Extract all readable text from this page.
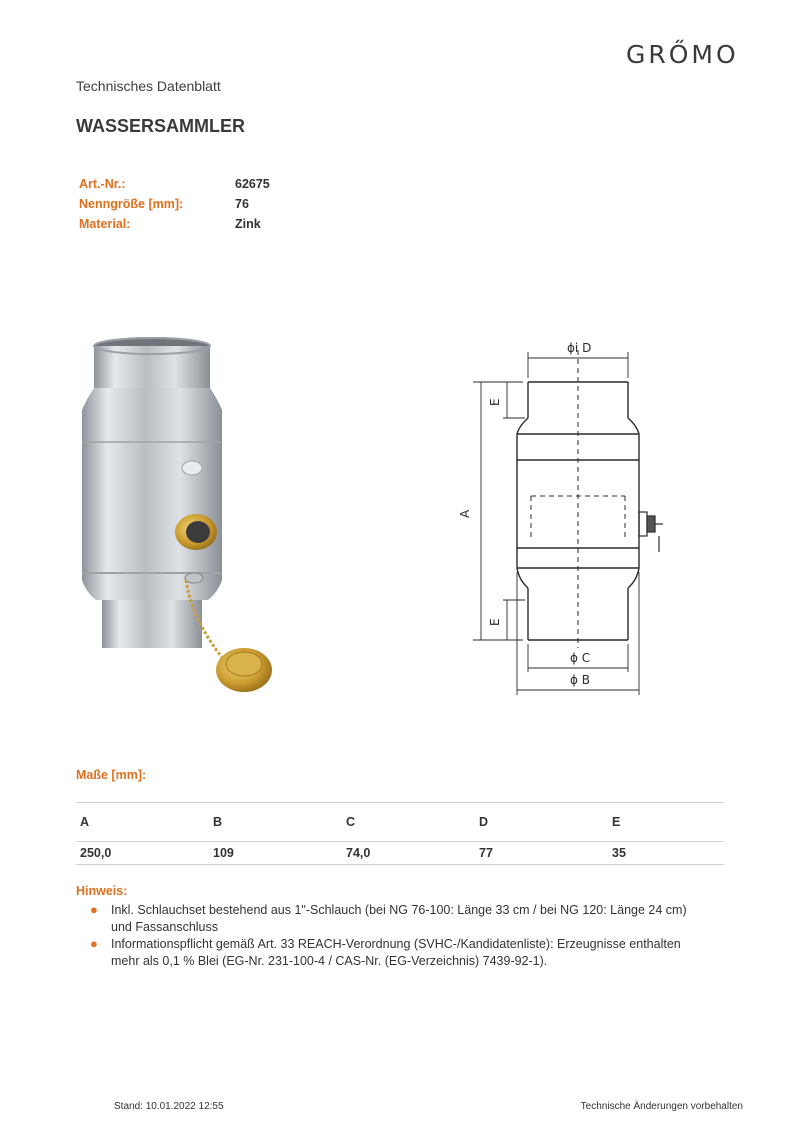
GRŐMO
Technisches Datenblatt
WASSERSAMMLER
Art.-Nr.:	62675
Nenngröße [mm]:	76
Material:	Zink
ϕi D
A
E
E
ϕ C
ϕ B
Maße [mm]:
A	B	C	D	E
250,0	109	74,0	77	35
Hinweis:
● Inkl. Schlauchset bestehend aus 1"-Schlauch (bei NG 76-100: Länge 33 cm / bei NG 120: Länge 24 cm) und Fassanschluss
● Informationspflicht gemäß Art. 33 REACH-Verordnung (SVHC-/Kandidatenliste): Erzeugnisse enthalten mehr als 0,1 % Blei (EG-Nr. 231-100-4 / CAS-Nr. (EG-Verzeichnis) 7439-92-1).
Stand: 10.01.2022 12:55	Technische Änderungen vorbehalten
